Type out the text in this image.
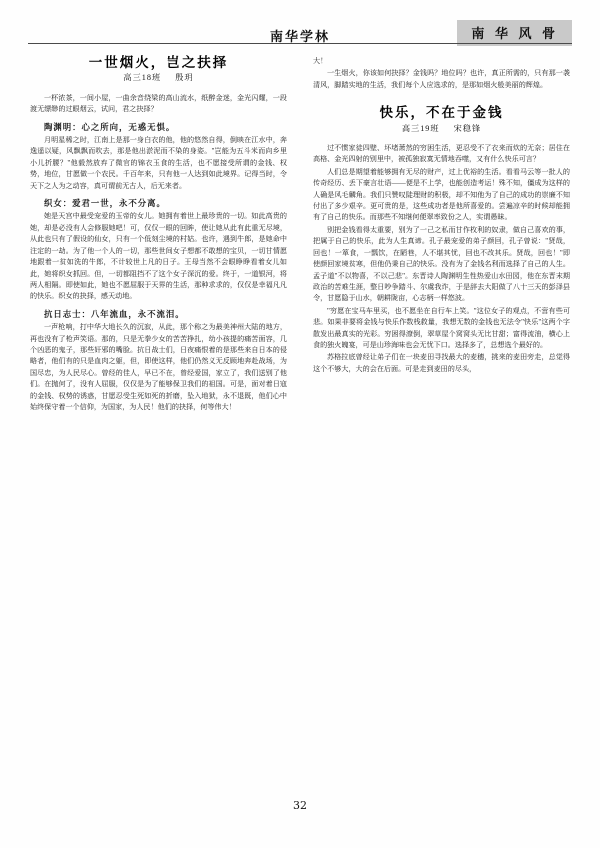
南华学林	南 华 风 骨
一世烟火，岂之扶择
高三18班 殷玥

一杯浓茶，一间小屋，一曲余音绕梁的高山流水，纸醉金迷，金光闪耀，一段渡无缥缈的过眼烟云，试问，君之抉择？

陶渊明：心之所向，无惑无惧。

月明星稀之时，江南上是那一身白衣的他，他的悠然自得，倒映在江水中，奔逸遥以疑，风飘飘而吹去，那是他出淤泥而不染的身姿。"岂能为五斗米而向乡里小儿折腰？"他毅然放弃了微官的锦衣玉食的生活，也不愿接受所谓的金钱、权势，地位，甘愿做一个农民。千百年来，只有他一人达到如此境界。记得当时，令天下之人为之动容，真可谓前无古人，后无来者。

织女：爱君一世，永不分离。

她是天宫中最受宠爱的玉帝的女儿。她拥有着世上最珍贵的一切。如此高贵的她，却是必没有人会修服她吧！可，仅仅一眼的回眸，使让她从此有此重无尽境，从此也只有了假设的仙女，只有一个低刻尘境的村姑。也许，遇到牛郎，是她命中注定的一劫。为了他一个人的一切，那些世间女子想都不敢想的宝贝，一切甘情愿地跟着一贫如洗的牛郎，不计较世上凡的日子。王母当然不会眼睁睁看着女儿如此，她将织女抓回。但，一切都阻挡不了这个女子深沉的爱。终于，一道银河，将两人相隔。即使如此，她也不愿屈服于天界的生活，那种求求的，仅仅是幸福凡凡的快乐。织女的抉择，感天动地。

抗日志士：八年流血，永不流泪。

一声枪响，打中华大地长久的沉寂，从此，那个称之为最美神州大陆的地方，再也没有了枪声笑语。那的，只是无拳少女的苦苦挣扎，幼小孩提的痛苦面容，几个凶恶的鬼子，那些奸邪的嘴脸。抗日战士们，日夜痛恨着的是那些来自日本的侵略者，他们有的只是血肉之躯，但，即使这样，他们仍然义无反顾地奔赴战场，为国尽忠，为人民尽心。曾经的佳人，早已不在，曾经爱国，家立了，我们送别了他们。在抛何了，没有人屈服，仅仅是为了能够保卫我们的祖国。可是，面对着日寇的金钱、权势的诱惑，甘愿忍受生死如死的折磨，坠入地狱，永不退既，他们心中始终保守着一个信仰，为国家，为人民！他们的抉择，何等伟大！

大！

一生烟火，你该如何抉择？金钱吗？地位吗？也许，真正所需的，只有那一袭清风，脚踏实地的生活，我们每个人应选求的，是那如烟火般美丽的辉煌。

快乐，不在于金钱
高三19班 宋稳锋

过不惯家徒四壁、坏堵萧然的穷困生活，更忍受不了衣来而炊的无奈；居住在高格、金光四射的别里中，被孤独寂寞无情地吞噬，又有什么快乐可言？

人们总是期望着能够拥有无尽的财产，过上优裕的生活。看看马云等一批人的传奇经历、丢下豪言壮语——便是不上学，也能创造考运！殊不知，僵成为这样的人确是风毛麟角。我们只赞叹陡理财的积极，却不知他为了自己的成功的崇廉不知付出了多少艰辛。更可贵的是，这些成功者是他所喜爱的。尝遍凉辛的时候却能拥有了自己的快乐。而那些不知继何便翠率致份之人，实谓愚昧。

别把金钱看得太重要，别为了一己之私而甘作枚利的奴隶，做自己喜欢的事，把属于自己的快乐，此为人生真谛。孔子最宠爱的弟子颜回，孔子曾说："贤哉，回也！一箪食，一瓢饮，在陋巷，人不堪其忧，回也不改其乐。贤哉，回也！"即使颜回家境贫寒，但他仍秉自己的快乐。没有为了金钱名利而选择了自己的人生。孟子道"不以物喜，不以己悲"。东晋诗人陶渊明生性热爱山水田园，他在东晋末期政治的苦难生涯，整日吵争踏斗、尔虞我诈，于是辞去大阳做了八十三天的彭泽县令，甘愿隐于山水，朝耕陇亩，心志柄一样悠波。

"穷愿在宝马车里买，也不愿坐在自行车上笑。"这位女子的观点，不啻有些可悲。如果非要将金钱与快乐作数栈救量，我想无数的金钱也无法令"快乐"这两个字散发出最真实的光彩。穷困得潦倒，翠草屋个窝窝头无比甘甜；富得流油，横心上食的独火魄宴，可是山珍海味也会无忧下口。选择多了，总想选个最好的。

苏格拉底曾经让弟子们在一块麦田寻找最大的麦穗，挑来的麦田旁走，总觉得这个不够大，大的会在后面。可是走到麦田的尽头，

32
